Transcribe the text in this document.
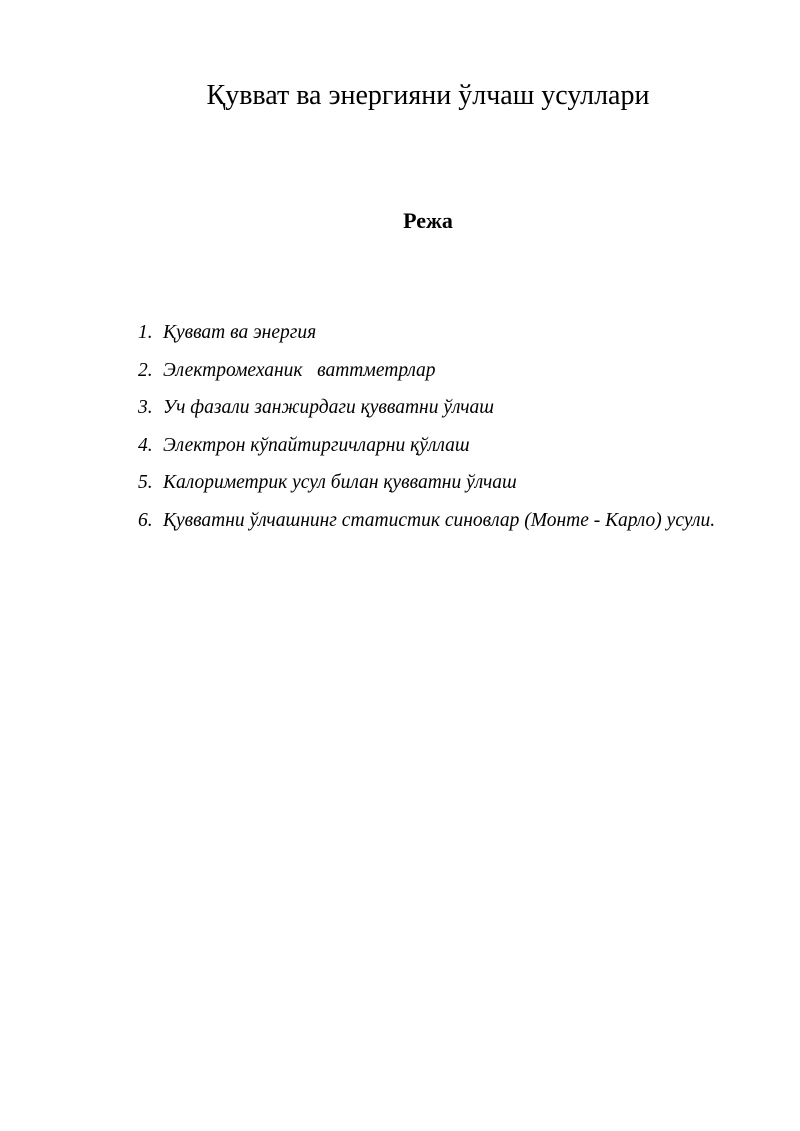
Қувват ва энергияни ўлчаш усуллари
Режа
1. Қувват ва энергия
2. Электромеханик   ваттметрлар
3. Уч фазали занжирдаги қувватни ўлчаш
4. Электрон кўпайтиргичларни қўллаш
5. Калориметрик усул билан қувватни ўлчаш
6. Қувватни ўлчашнинг статистик синовлар (Монте - Карло) усули.
